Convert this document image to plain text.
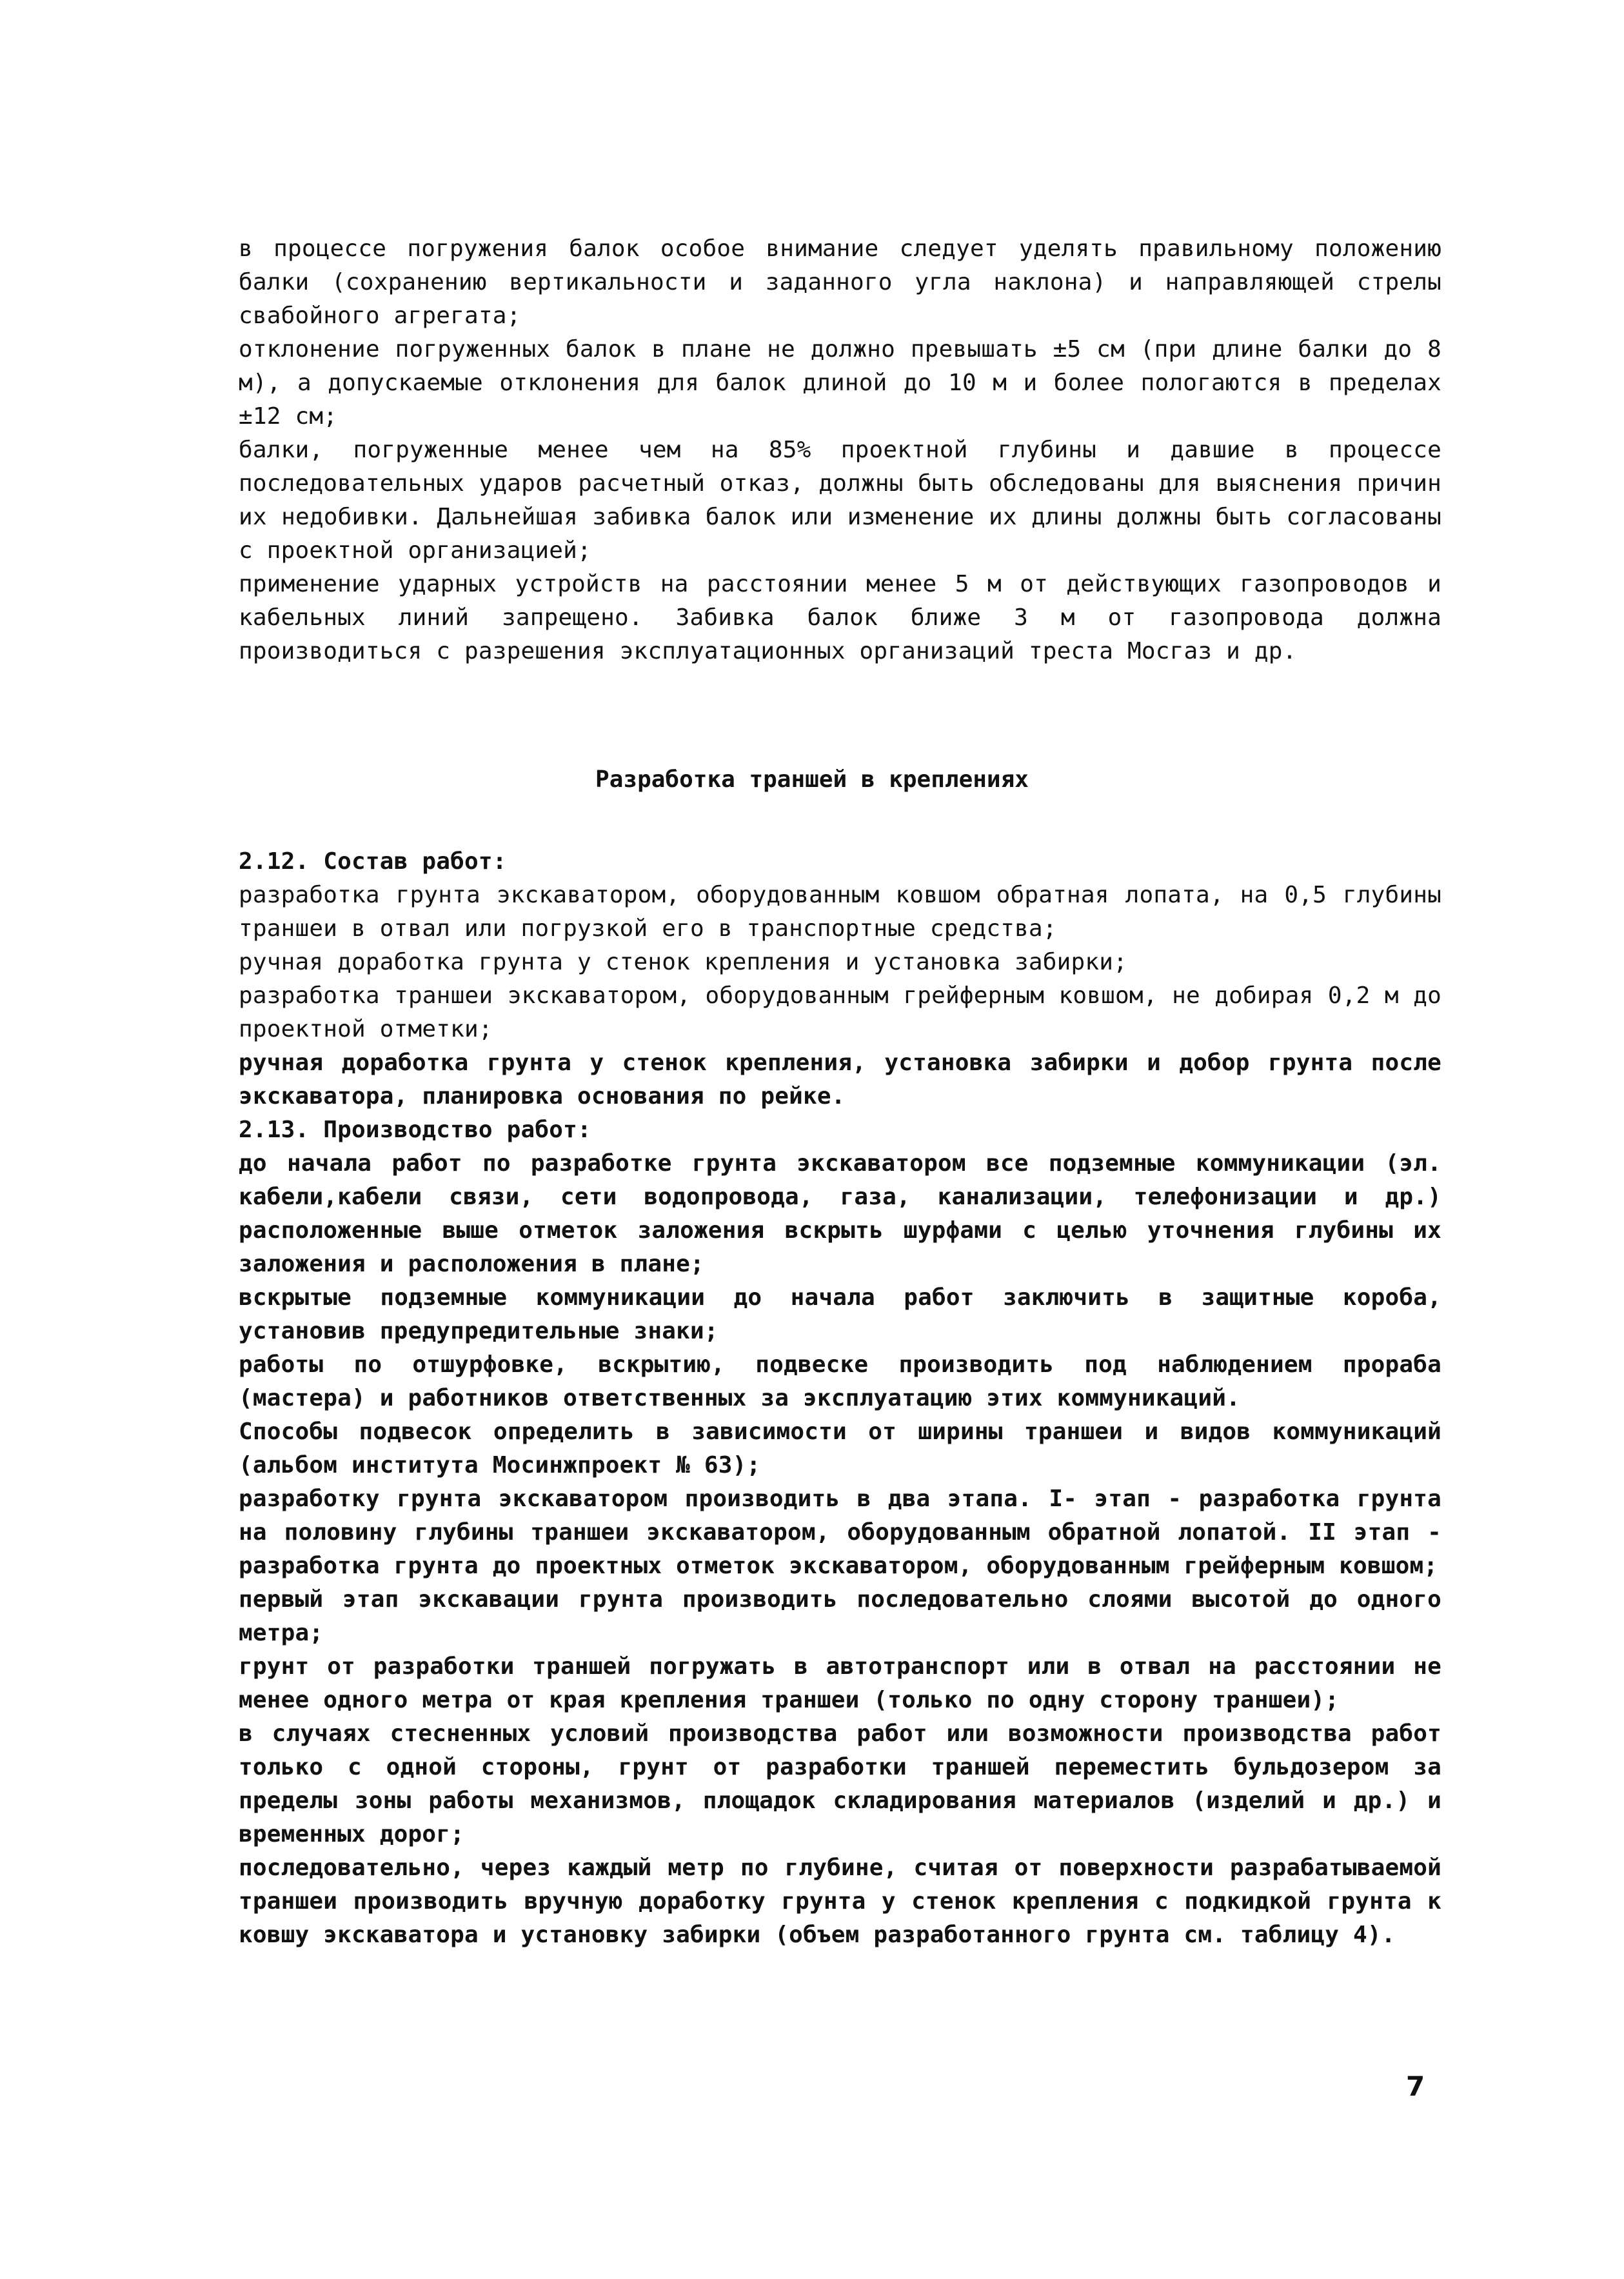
в процессе погружения балок особое внимание следует уделять правильному положению балки (сохранению вертикальности и заданного угла наклона) и направляющей стрелы свабойного агрегата;

отклонение погруженных балок в плане не должно превышать ±5 см (при длине балки до 8 м), а допускаемые отклонения для балок длиной до 10 м и более пологаются в пределах ±12 см;

балки, погруженные менее чем на 85% проектной глубины и давшие в процессе последовательных ударов расчетный отказ, должны быть обследованы для выяснения причин их недобивки. Дальнейшая забивка балок или изменение их длины должны быть согласованы с проектной организацией;

применение ударных устройств на расстоянии менее 5 м от действующих газопроводов и кабельных линий запрещено. Забивка балок ближе 3 м от газопровода должна производиться с разрешения эксплуатационных организаций треста Мосгаз и др.

Разработка траншей в креплениях

2.12. Состав работ:

разработка грунта экскаватором, оборудованным ковшом обратная лопата, на 0,5 глубины траншеи в отвал или погрузкой его в транспортные средства;

ручная доработка грунта у стенок крепления и установка забирки;

разработка траншеи экскаватором, оборудованным грейферным ковшом, не добирая 0,2 м до проектной отметки;

ручная доработка грунта у стенок крепления, установка забирки и добор грунта после экскаватора, планировка основания по рейке.

2.13. Производство работ:

до начала работ по разработке грунта экскаватором все подземные коммуникации (эл. кабели,кабели связи, сети водопровода, газа, канализации, телефонизации и др.) расположенные выше отметок заложения вскрыть шурфами с целью уточнения глубины их заложения и расположения в плане;

вскрытые подземные коммуникации до начала работ заключить в защитные короба, установив предупредительные знаки;

работы по отшурфовке, вскрытию, подвеске производить под наблюдением прораба (мастера) и работников ответственных за эксплуатацию этих коммуникаций.

Способы подвесок определить в зависимости от ширины траншеи и видов коммуникаций (альбом института Мосинжпроект № 63);

разработку грунта экскаватором производить в два этапа. I- этап - разработка грунта на половину глубины траншеи экскаватором, оборудованным обратной лопатой. II этап - разработка грунта до проектных отметок экскаватором, оборудованным грейферным ковшом;

первый этап экскавации грунта производить последовательно слоями высотой до одного метра;

грунт от разработки траншей погружать в автотранспорт или в отвал на расстоянии не менее одного метра от края крепления траншеи (только по одну сторону траншеи);

в случаях стесненных условий производства работ или возможности производства работ только с одной стороны, грунт от разработки траншей переместить бульдозером за пределы зоны работы механизмов, площадок складирования материалов (изделий и др.) и временных дорог;

последовательно, через каждый метр по глубине, считая от поверхности разрабатываемой траншеи производить вручную доработку грунта у стенок крепления с подкидкой грунта к ковшу экскаватора и установку забирки (объем разработанного грунта см. таблицу 4).

7
